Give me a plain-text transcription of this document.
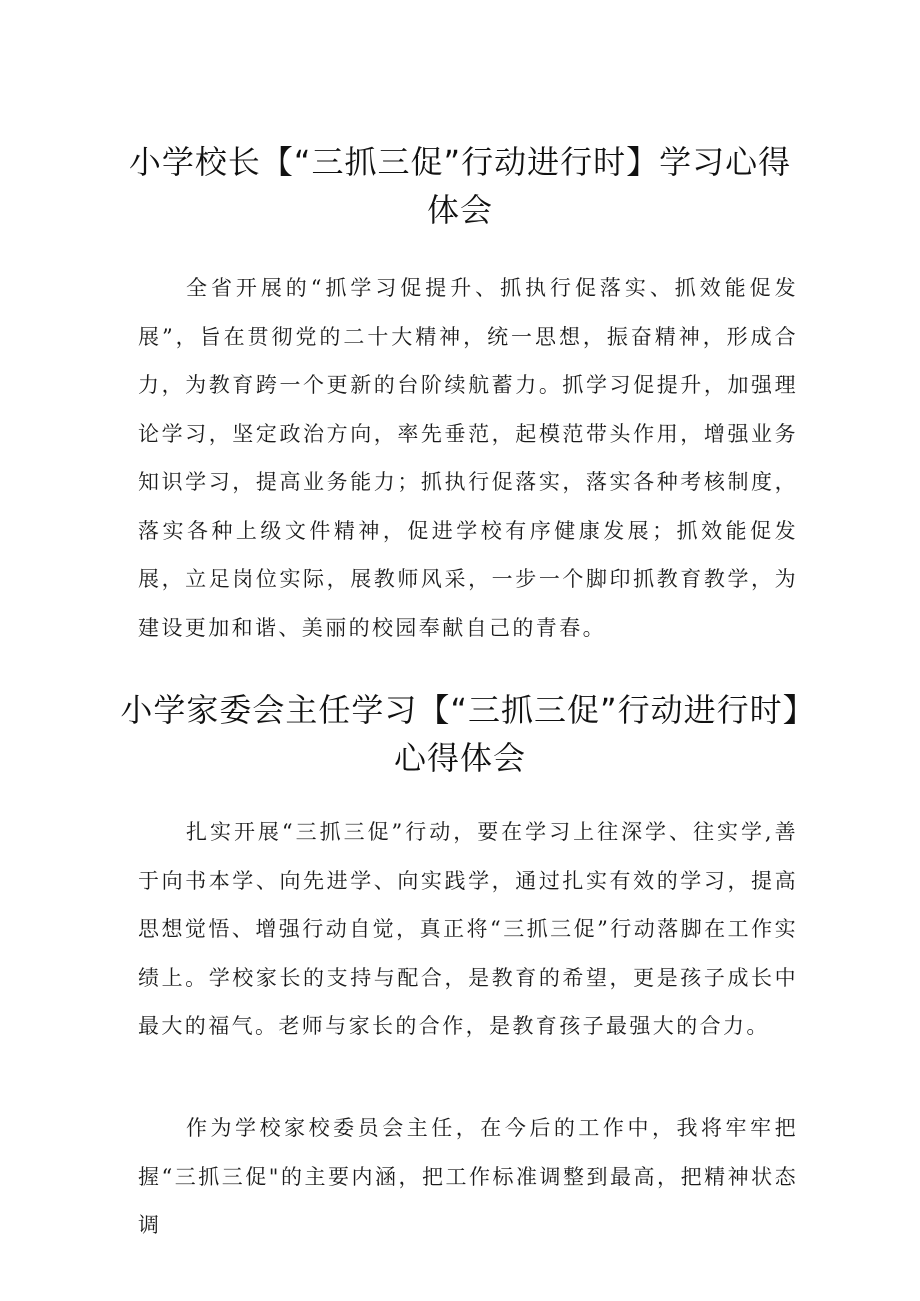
小学校长【“三抓三促”行动进行时】学习心得体会

全省开展的“抓学习促提升、抓执行促落实、抓效能促发展”，旨在贯彻党的二十大精神，统一思想，振奋精神，形成合力，为教育跨一个更新的台阶续航蓄力。抓学习促提升，加强理论学习，坚定政治方向，率先垂范，起模范带头作用，增强业务知识学习，提高业务能力；抓执行促落实，落实各种考核制度，落实各种上级文件精神，促进学校有序健康发展；抓效能促发展，立足岗位实际，展教师风采，一步一个脚印抓教育教学，为建设更加和谐、美丽的校园奉献自己的青春。

小学家委会主任学习【“三抓三促”行动进行时】心得体会

扎实开展“三抓三促”行动，要在学习上往深学、往实学,善于向书本学、向先进学、向实践学，通过扎实有效的学习，提高思想觉悟、增强行动自觉，真正将“三抓三促”行动落脚在工作实绩上。学校家长的支持与配合，是教育的希望，更是孩子成长中最大的福气。老师与家长的合作，是教育孩子最强大的合力。

作为学校家校委员会主任，在今后的工作中，我将牢牢把握“三抓三促"的主要内涵，把工作标准调整到最高，把精神状态调
